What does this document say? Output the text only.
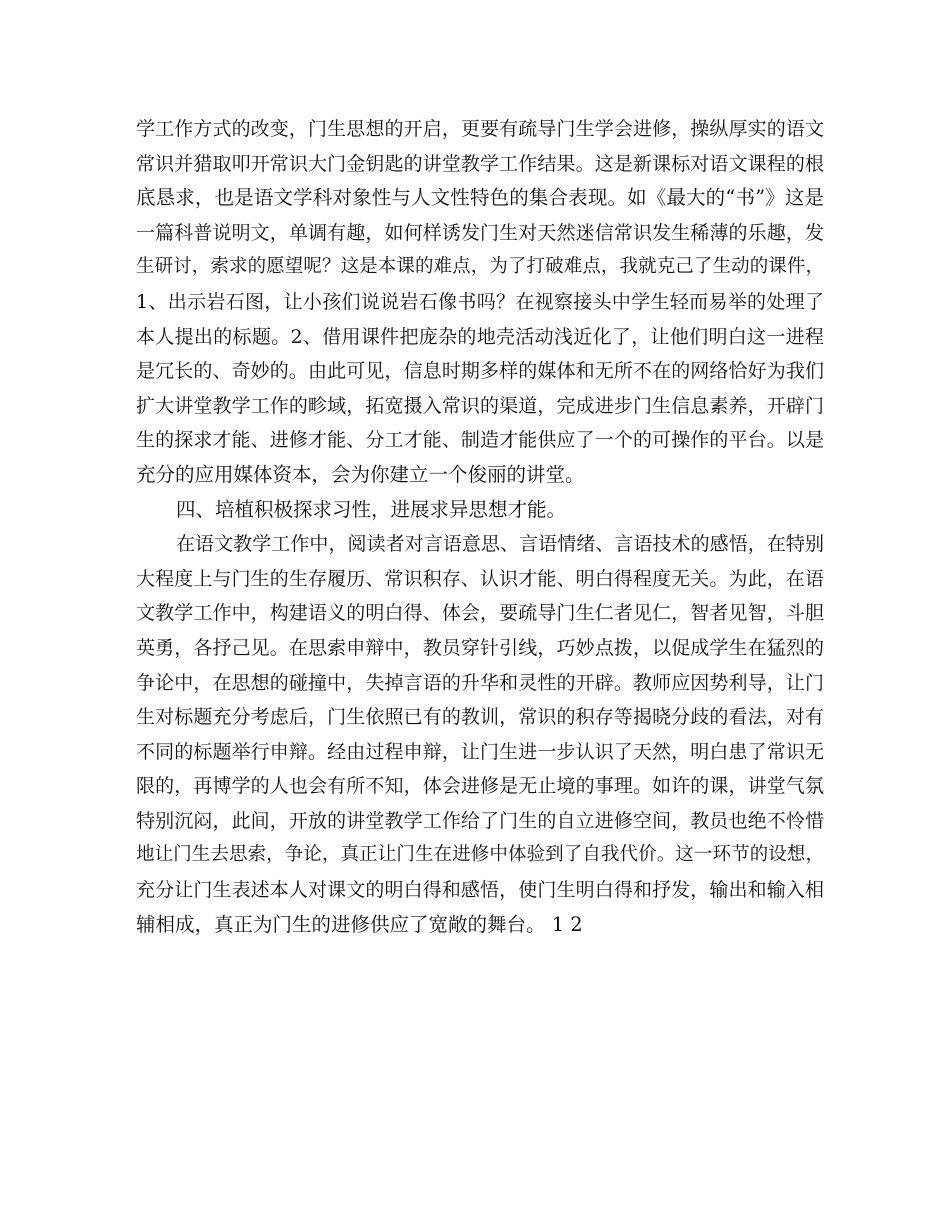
学工作方式的改变，门生思想的开启，更要有疏导门生学会进修，操纵厚实的语文
常识并猎取叩开常识大门金钥匙的讲堂教学工作结果。这是新课标对语文课程的根
底恳求，也是语文学科对象性与人文性特色的集合表现。如《最大的“书”》这是
一篇科普说明文，单调有趣，如何样诱发门生对天然迷信常识发生稀薄的乐趣，发
生研讨，索求的愿望呢？这是本课的难点，为了打破难点，我就克己了生动的课件，
1、出示岩石图，让小孩们说说岩石像书吗？在视察接头中学生轻而易举的处理了
本人提出的标题。2、借用课件把庞杂的地壳活动浅近化了，让他们明白这一进程
是冗长的、奇妙的。由此可见，信息时期多样的媒体和无所不在的网络恰好为我们
扩大讲堂教学工作的畛域，拓宽摄入常识的渠道，完成进步门生信息素养，开辟门
生的探求才能、进修才能、分工才能、制造才能供应了一个的可操作的平台。以是
充分的应用媒体资本，会为你建立一个俊丽的讲堂。
四、培植积极探求习性，进展求异思想才能。
在语文教学工作中，阅读者对言语意思、言语情绪、言语技术的感悟，在特别
大程度上与门生的生存履历、常识积存、认识才能、明白得程度无关。为此，在语
文教学工作中，构建语义的明白得、体会，要疏导门生仁者见仁，智者见智，斗胆
英勇，各抒己见。在思索申辩中，教员穿针引线，巧妙点拨，以促成学生在猛烈的
争论中，在思想的碰撞中，失掉言语的升华和灵性的开辟。教师应因势利导，让门
生对标题充分考虑后，门生依照已有的教训，常识的积存等揭晓分歧的看法，对有
不同的标题举行申辩。经由过程申辩，让门生进一步认识了天然，明白患了常识无
限的，再博学的人也会有所不知，体会进修是无止境的事理。如许的课，讲堂气氛
特别沉闷，此间，开放的讲堂教学工作给了门生的自立进修空间，教员也绝不怜惜
地让门生去思索，争论，真正让门生在进修中体验到了自我代价。这一环节的设想，
充分让门生表述本人对课文的明白得和感悟，使门生明白得和抒发，输出和输入相
辅相成，真正为门生的进修供应了宽敞的舞台。 1 2
